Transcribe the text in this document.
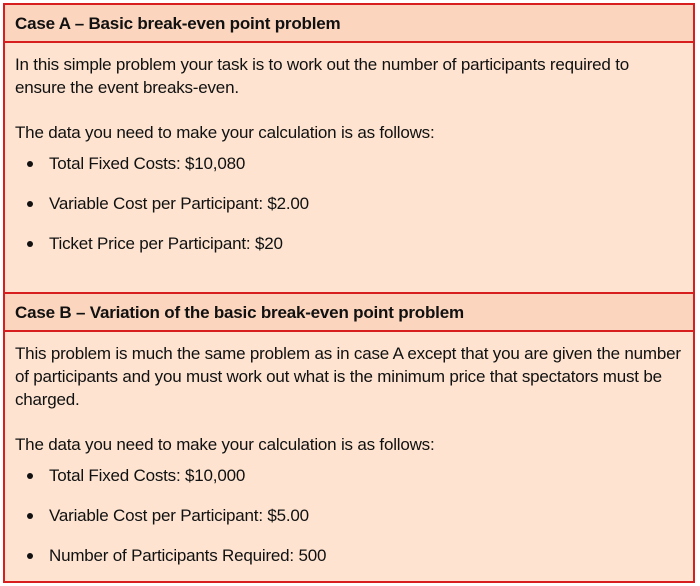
Case A – Basic break-even point problem

In this simple problem your task is to work out the number of participants required to ensure the event breaks-even.

The data you need to make your calculation is as follows:

Total Fixed Costs: $10,080
Variable Cost per Participant: $2.00
Ticket Price per Participant: $20
Case B – Variation of the basic break-even point problem

This problem is much the same problem as in case A except that you are given the number of participants and you must work out what is the minimum price that spectators must be charged.

The data you need to make your calculation is as follows:

Total Fixed Costs: $10,000
Variable Cost per Participant: $5.00
Number of Participants Required: 500
